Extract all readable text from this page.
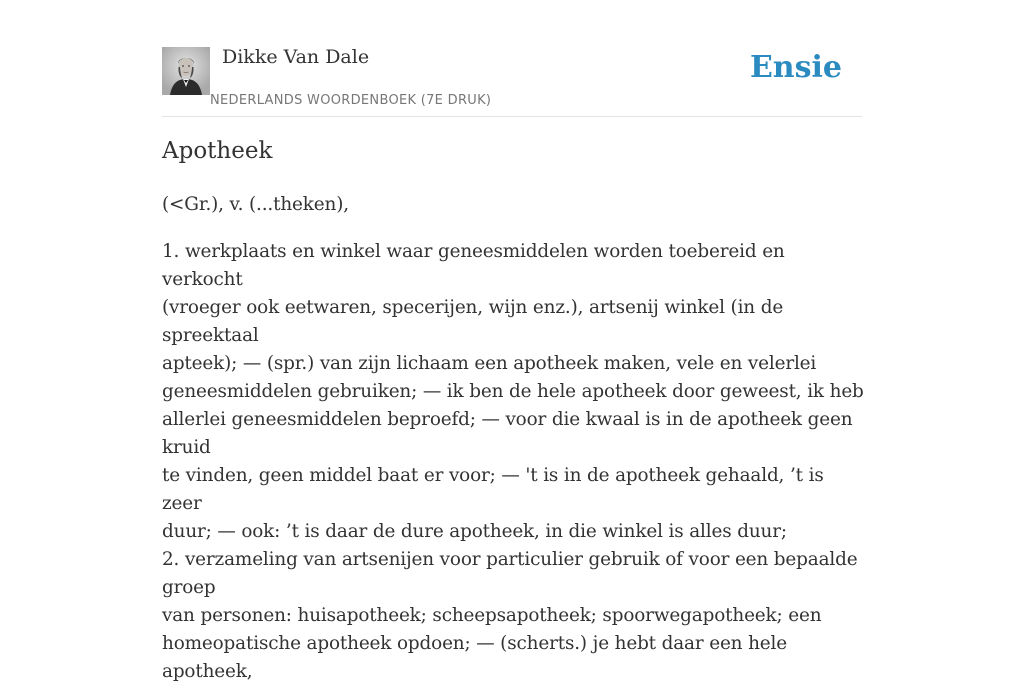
Dikke Van Dale
NEDERLANDS WOORDENBOEK (7E DRUK)
Ensie
Apotheek

(<Gr.), v. (...theken),

1. werkplaats en winkel waar geneesmiddelen worden toebereid en verkocht

(vroeger ook eetwaren, specerijen, wijn enz.), artsenij winkel (in de spreektaal

apteek); — (spr.) van zijn lichaam een apotheek maken, vele en velerlei

geneesmiddelen gebruiken; — ik ben de hele apotheek door geweest, ik heb

allerlei geneesmiddelen beproefd; — voor die kwaal is in de apotheek geen kruid

te vinden, geen middel baat er voor; — 't is in de apotheek gehaald, ’t is zeer

duur; — ook: ’t is daar de dure apotheek, in die winkel is alles duur;

2. verzameling van artsenijen voor particulier gebruik of voor een bepaalde groep

van personen: huisapotheek; scheepsapotheek; spoorwegapotheek; een

homeopatische apotheek opdoen; — (scherts.) je hebt daar een hele apotheek,
